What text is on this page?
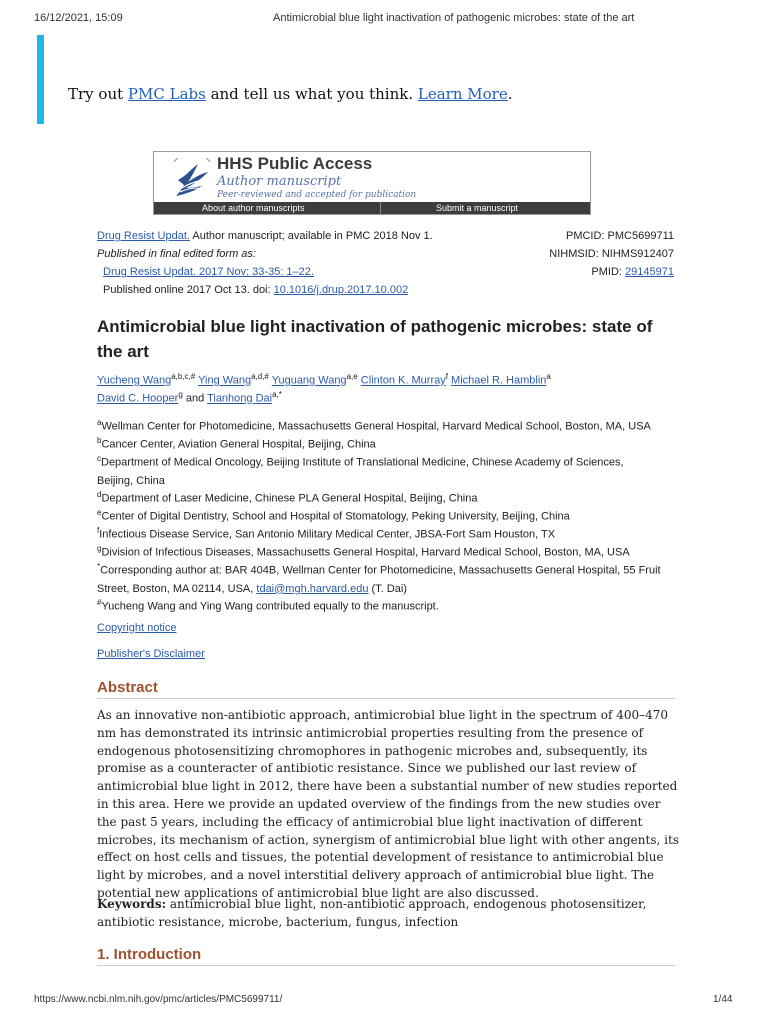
16/12/2021, 15:09	Antimicrobial blue light inactivation of pathogenic microbes: state of the art
Try out PMC Labs and tell us what you think. Learn More.
HHS Public Access
Author manuscript
Peer-reviewed and accepted for publication
About author manuscripts	Submit a manuscript
Drug Resist Updat. Author manuscript; available in PMC 2018 Nov 1.
Published in final edited form as:
Drug Resist Updat. 2017 Nov; 33-35: 1–22.
Published online 2017 Oct 13. doi: 10.1016/j.drup.2017.10.002
PMCID: PMC5699711
NIHMSID: NIHMS912407
PMID: 29145971
Antimicrobial blue light inactivation of pathogenic microbes: state of the art
Yucheng Wang$^{a,b,c,\#}$ Ying Wang$^{a,d,\#}$ Yuguang Wang$^{a,e}$ Clinton K. Murray$^f$ Michael R. Hamblin$^a$
David C. Hooper$^g$ and Tianhong Dai$^{a,*}$
$^a$Wellman Center for Photomedicine, Massachusetts General Hospital, Harvard Medical School, Boston, MA, USA
$^b$Cancer Center, Aviation General Hospital, Beijing, China
$^c$Department of Medical Oncology, Beijing Institute of Translational Medicine, Chinese Academy of Sciences, Beijing, China
$^d$Department of Laser Medicine, Chinese PLA General Hospital, Beijing, China
$^e$Center of Digital Dentistry, School and Hospital of Stomatology, Peking University, Beijing, China
$^f$Infectious Disease Service, San Antonio Military Medical Center, JBSA-Fort Sam Houston, TX
$^g$Division of Infectious Diseases, Massachusetts General Hospital, Harvard Medical School, Boston, MA, USA
*Corresponding author at: BAR 404B, Wellman Center for Photomedicine, Massachusetts General Hospital, 55 Fruit Street, Boston, MA 02114, USA, tdai@mgh.harvard.edu (T. Dai)
#Yucheng Wang and Ying Wang contributed equally to the manuscript.
Copyright notice
Publisher's Disclaimer
Abstract
As an innovative non-antibiotic approach, antimicrobial blue light in the spectrum of 400–470 nm has demonstrated its intrinsic antimicrobial properties resulting from the presence of endogenous photosensitizing chromophores in pathogenic microbes and, subsequently, its promise as a counteracter of antibiotic resistance. Since we published our last review of antimicrobial blue light in 2012, there have been a substantial number of new studies reported in this area. Here we provide an updated overview of the findings from the new studies over the past 5 years, including the efficacy of antimicrobial blue light inactivation of different microbes, its mechanism of action, synergism of antimicrobial blue light with other angents, its effect on host cells and tissues, the potential development of resistance to antimicrobial blue light by microbes, and a novel interstitial delivery approach of antimicrobial blue light. The potential new applications of antimicrobial blue light are also discussed.
Keywords: antimicrobial blue light, non-antibiotic approach, endogenous photosensitizer, antibiotic resistance, microbe, bacterium, fungus, infection
1. Introduction
https://www.ncbi.nlm.nih.gov/pmc/articles/PMC5699711/	1/44
